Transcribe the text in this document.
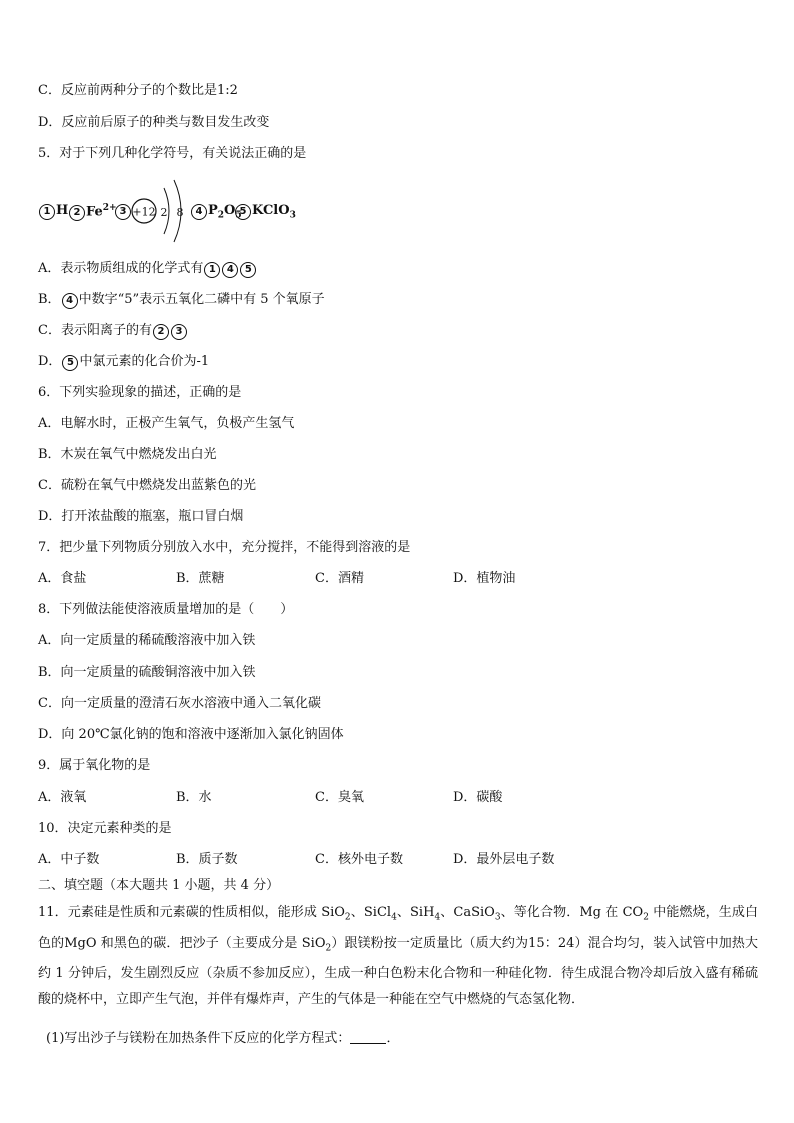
C．反应前两种分子的个数比是1:2
D．反应前后原子的种类与数目发生改变
5．对于下列几种化学符号，有关说法正确的是
1 H 2 $Fe^{2+}$ 3 +12 2 8	4 $P_2O_5$
5 KClO$_3$
A．表示物质组成的化学式有 1 4 5
B． 4 中数字“5”表示五氧化二磷中有 5 个氧原子
C．表示阳离子的有 2 3
D． 5 中氯元素的化合价为-1
6．下列实验现象的描述，正确的是
A．电解水时，正极产生氧气，负极产生氢气
B．木炭在氧气中燃烧发出白光
C．硫粉在氧气中燃烧发出蓝紫色的光
D．打开浓盐酸的瓶塞，瓶口冒白烟
7．把少量下列物质分别放入水中，充分搅拌，不能得到溶液的是
A．食盐	B．蔗糖	C．酒精	D．植物油
8．下列做法能使溶液质量增加的是（　　）
A．向一定质量的稀硫酸溶液中加入铁
B．向一定质量的硫酸铜溶液中加入铁
C．向一定质量的澄清石灰水溶液中通入二氧化碳
D．向 20℃氯化钠的饱和溶液中逐渐加入氯化钠固体
9．属于氧化物的是
A．液氧	B．水	C．臭氧	D．碳酸
10．决定元素种类的是
A．中子数	B．质子数	C．核外电子数	D．最外层电子数
二、填空题（本大题共 1 小题，共 4 分）
11．元素硅是性质和元素碳的性质相似，能形成 SiO$_2$、SiCl$_4$、SiH$_4$、CaSiO$_3$、等化合物．Mg 在 $CO_2$ 中能燃烧，生成白色的MgO 和黑色的碳．把沙子（主要成分是 SiO$_2$）跟镁粉按一定质量比（质大约为15：24）混合均匀，装入试管中加热大约 1 分钟后，发生剧烈反应（杂质不参加反应），生成一种白色粉末化合物和一种硅化物．待生成混合物冷却后放入盛有稀硫酸的烧杯中，立即产生气泡，并伴有爆炸声，产生的气体是一种能在空气中燃烧的气态氢化物．
(1)写出沙子与镁粉在加热条件下反应的化学方程式：	．
